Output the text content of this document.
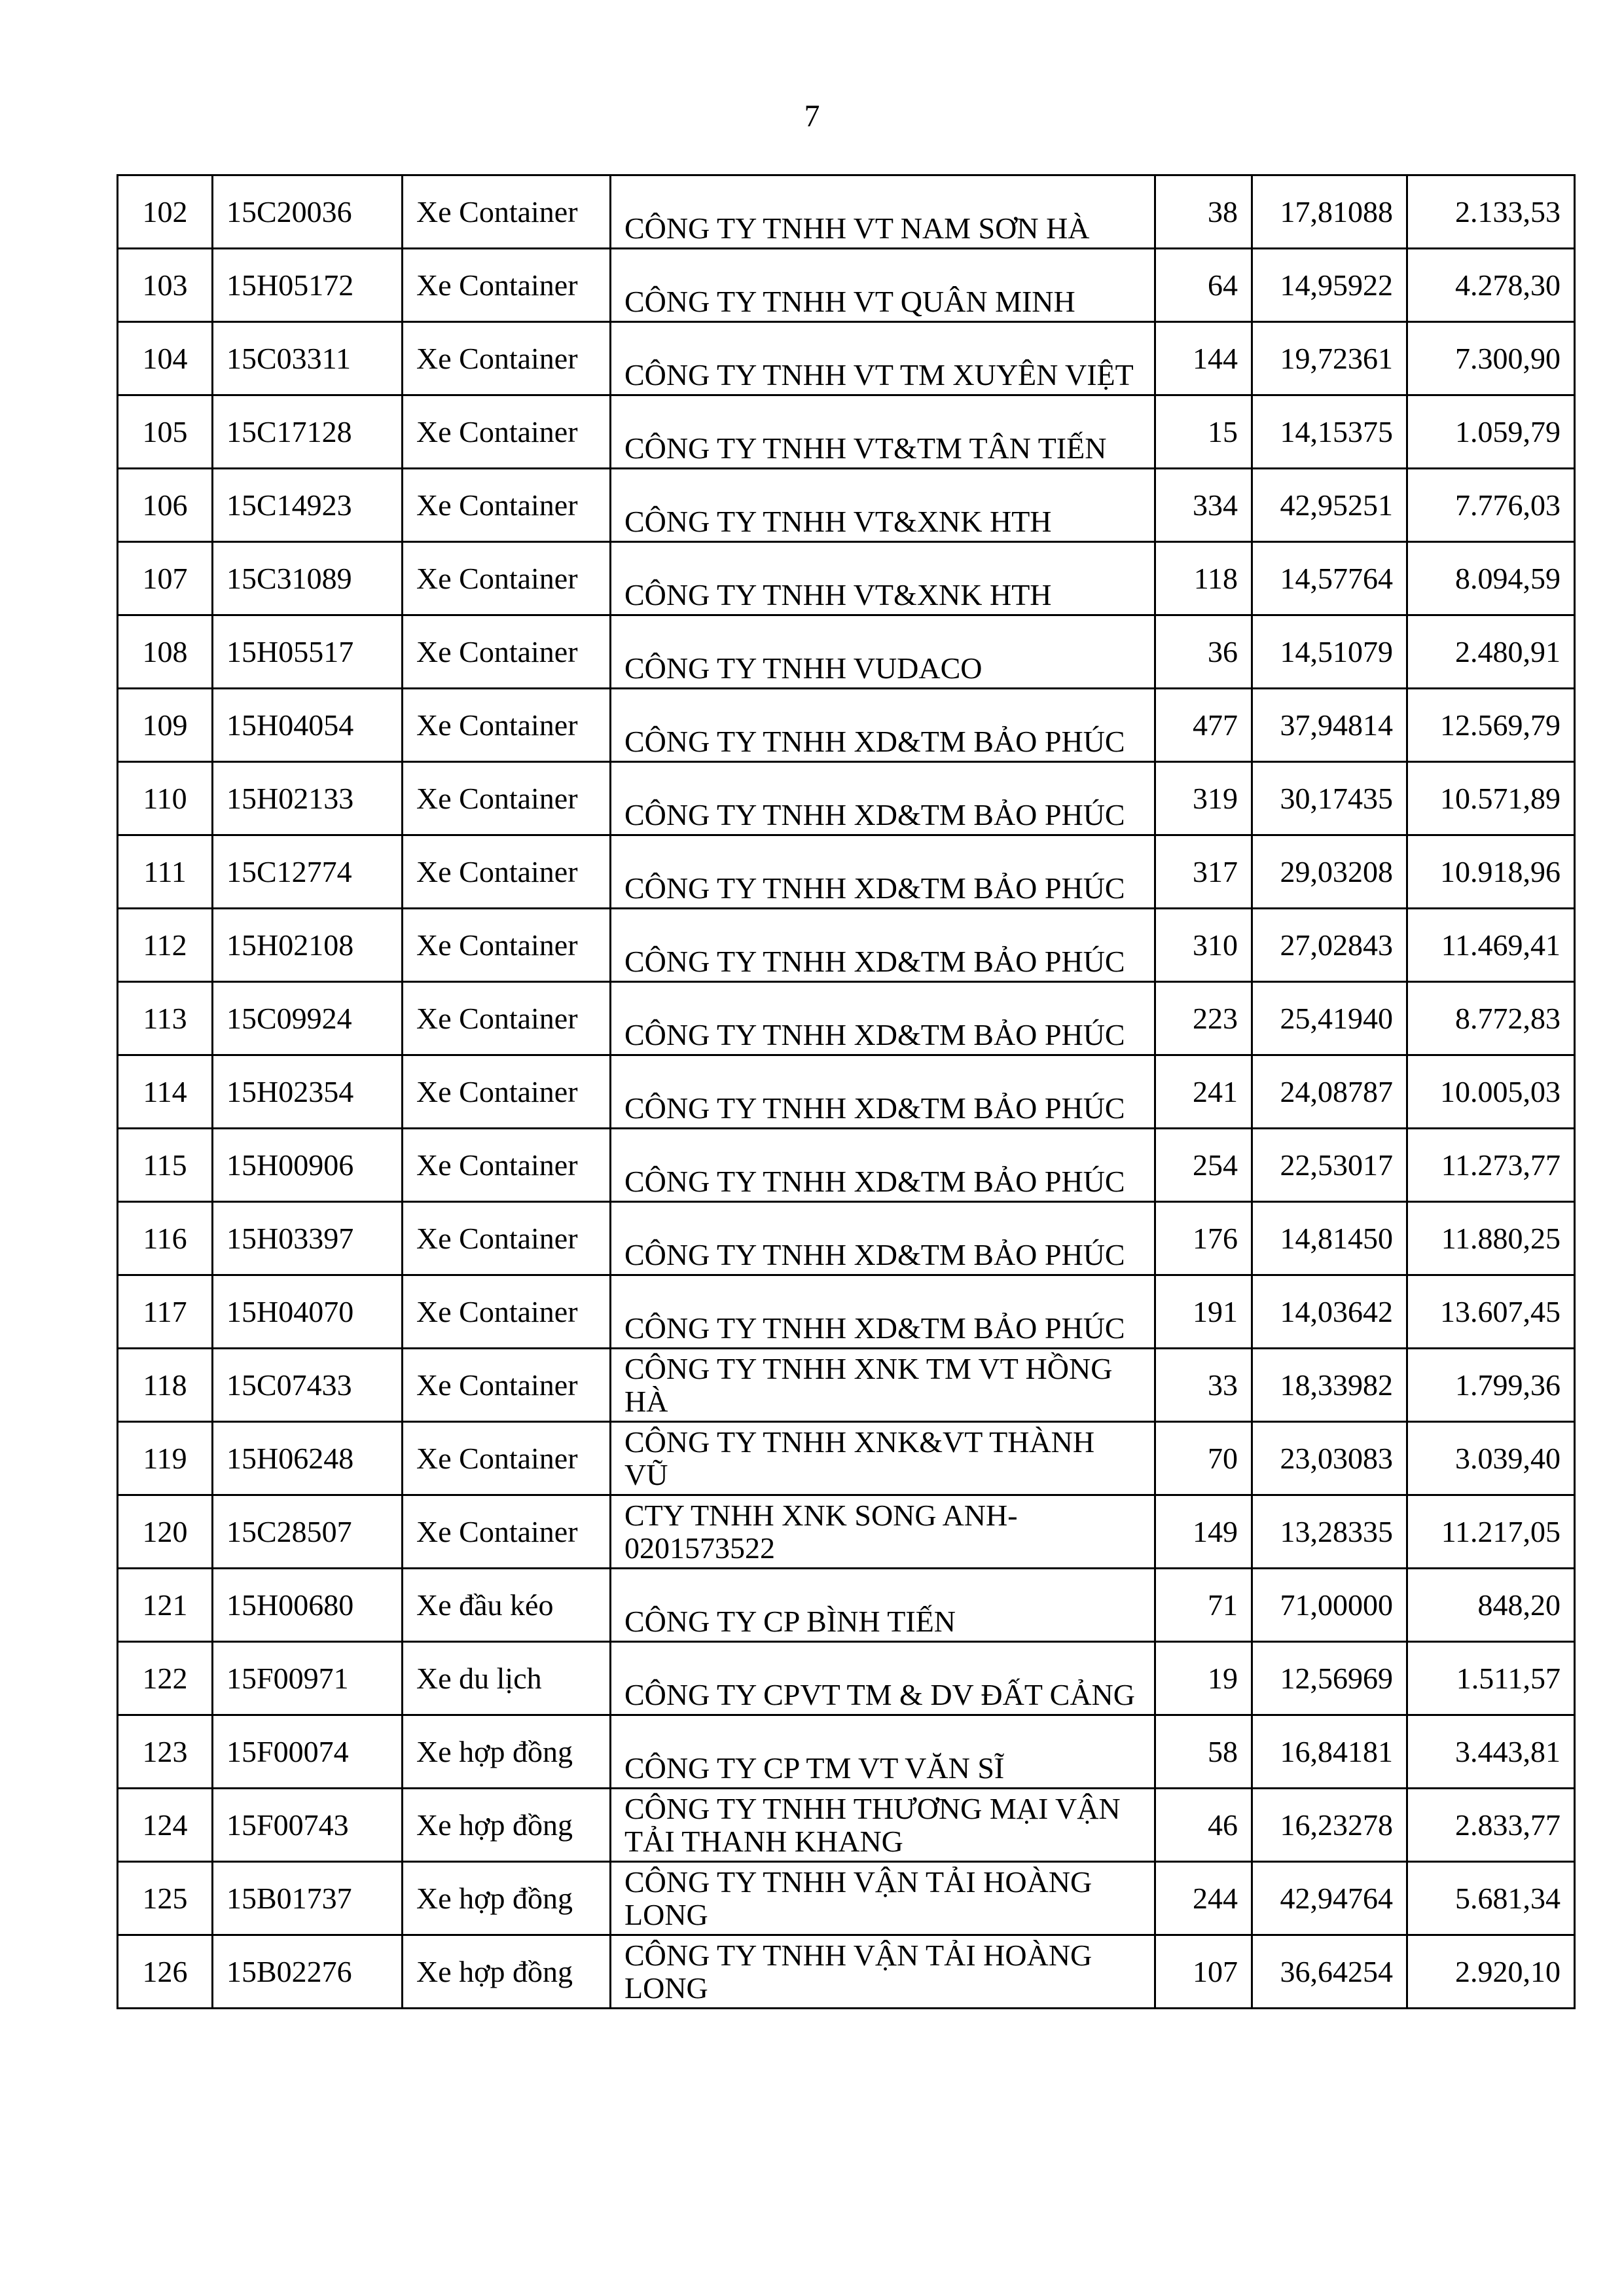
7
102	15C20036	Xe Container	CÔNG TY TNHH VT NAM SƠN HÀ	38	17,81088	2.133,53
103	15H05172	Xe Container	CÔNG TY TNHH VT QUÂN MINH	64	14,95922	4.278,30
104	15C03311	Xe Container	CÔNG TY TNHH VT TM XUYÊN VIỆT	144	19,72361	7.300,90
105	15C17128	Xe Container	CÔNG TY TNHH VT&TM TÂN TIẾN	15	14,15375	1.059,79
106	15C14923	Xe Container	CÔNG TY TNHH VT&XNK HTH	334	42,95251	7.776,03
107	15C31089	Xe Container	CÔNG TY TNHH VT&XNK HTH	118	14,57764	8.094,59
108	15H05517	Xe Container	CÔNG TY TNHH VUDACO	36	14,51079	2.480,91
109	15H04054	Xe Container	CÔNG TY TNHH XD&TM BẢO PHÚC	477	37,94814	12.569,79
110	15H02133	Xe Container	CÔNG TY TNHH XD&TM BẢO PHÚC	319	30,17435	10.571,89
111	15C12774	Xe Container	CÔNG TY TNHH XD&TM BẢO PHÚC	317	29,03208	10.918,96
112	15H02108	Xe Container	CÔNG TY TNHH XD&TM BẢO PHÚC	310	27,02843	11.469,41
113	15C09924	Xe Container	CÔNG TY TNHH XD&TM BẢO PHÚC	223	25,41940	8.772,83
114	15H02354	Xe Container	CÔNG TY TNHH XD&TM BẢO PHÚC	241	24,08787	10.005,03
115	15H00906	Xe Container	CÔNG TY TNHH XD&TM BẢO PHÚC	254	22,53017	11.273,77
116	15H03397	Xe Container	CÔNG TY TNHH XD&TM BẢO PHÚC	176	14,81450	11.880,25
117	15H04070	Xe Container	CÔNG TY TNHH XD&TM BẢO PHÚC	191	14,03642	13.607,45
118	15C07433	Xe Container	CÔNG TY TNHH XNK TM VT HỒNG HÀ	33	18,33982	1.799,36
119	15H06248	Xe Container	CÔNG TY TNHH XNK&VT THÀNH VŨ	70	23,03083	3.039,40
120	15C28507	Xe Container	CTY TNHH XNK SONG ANH-0201573522	149	13,28335	11.217,05
121	15H00680	Xe đầu kéo	CÔNG TY CP BÌNH TIẾN	71	71,00000	848,20
122	15F00971	Xe du lịch	CÔNG TY CPVT TM & DV ĐẤT CẢNG	19	12,56969	1.511,57
123	15F00074	Xe hợp đồng	CÔNG TY CP TM VT VĂN SĨ	58	16,84181	3.443,81
124	15F00743	Xe hợp đồng	CÔNG TY TNHH THƯƠNG MẠI VẬN TẢI THANH KHANG	46	16,23278	2.833,77
125	15B01737	Xe hợp đồng	CÔNG TY TNHH VẬN TẢI HOÀNG LONG	244	42,94764	5.681,34
126	15B02276	Xe hợp đồng	CÔNG TY TNHH VẬN TẢI HOÀNG LONG	107	36,64254	2.920,10
